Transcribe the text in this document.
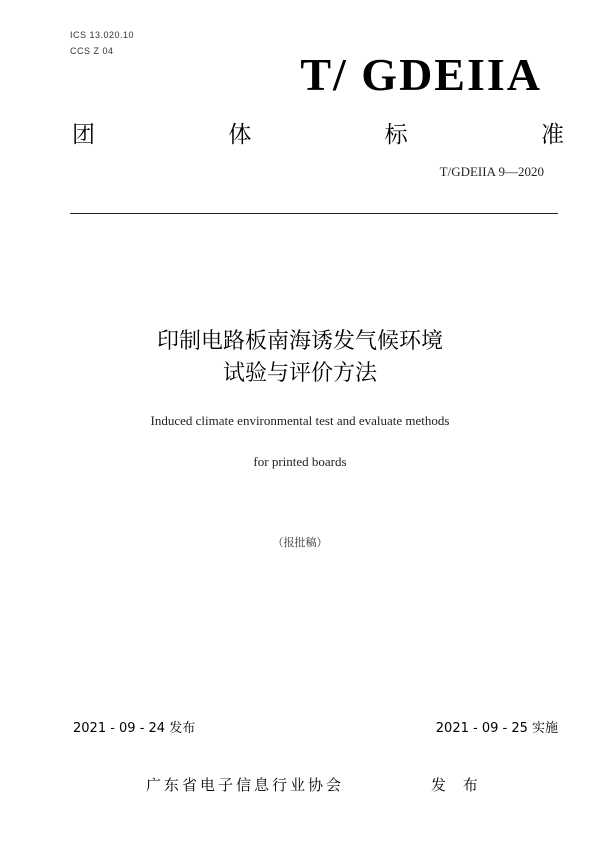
ICS 13.020.10
CCS Z 04	T/ GDEIIA
团	体	标	准
T/GDEIIA 9—2020
印制电路板南海诱发气候环境
试验与评价方法
Induced climate environmental test and evaluate methods
for printed boards
（报批稿）
2021 - 09 - 24 发布	2021 - 09 - 25 实施
广东省电子信息行业协会	发 布
